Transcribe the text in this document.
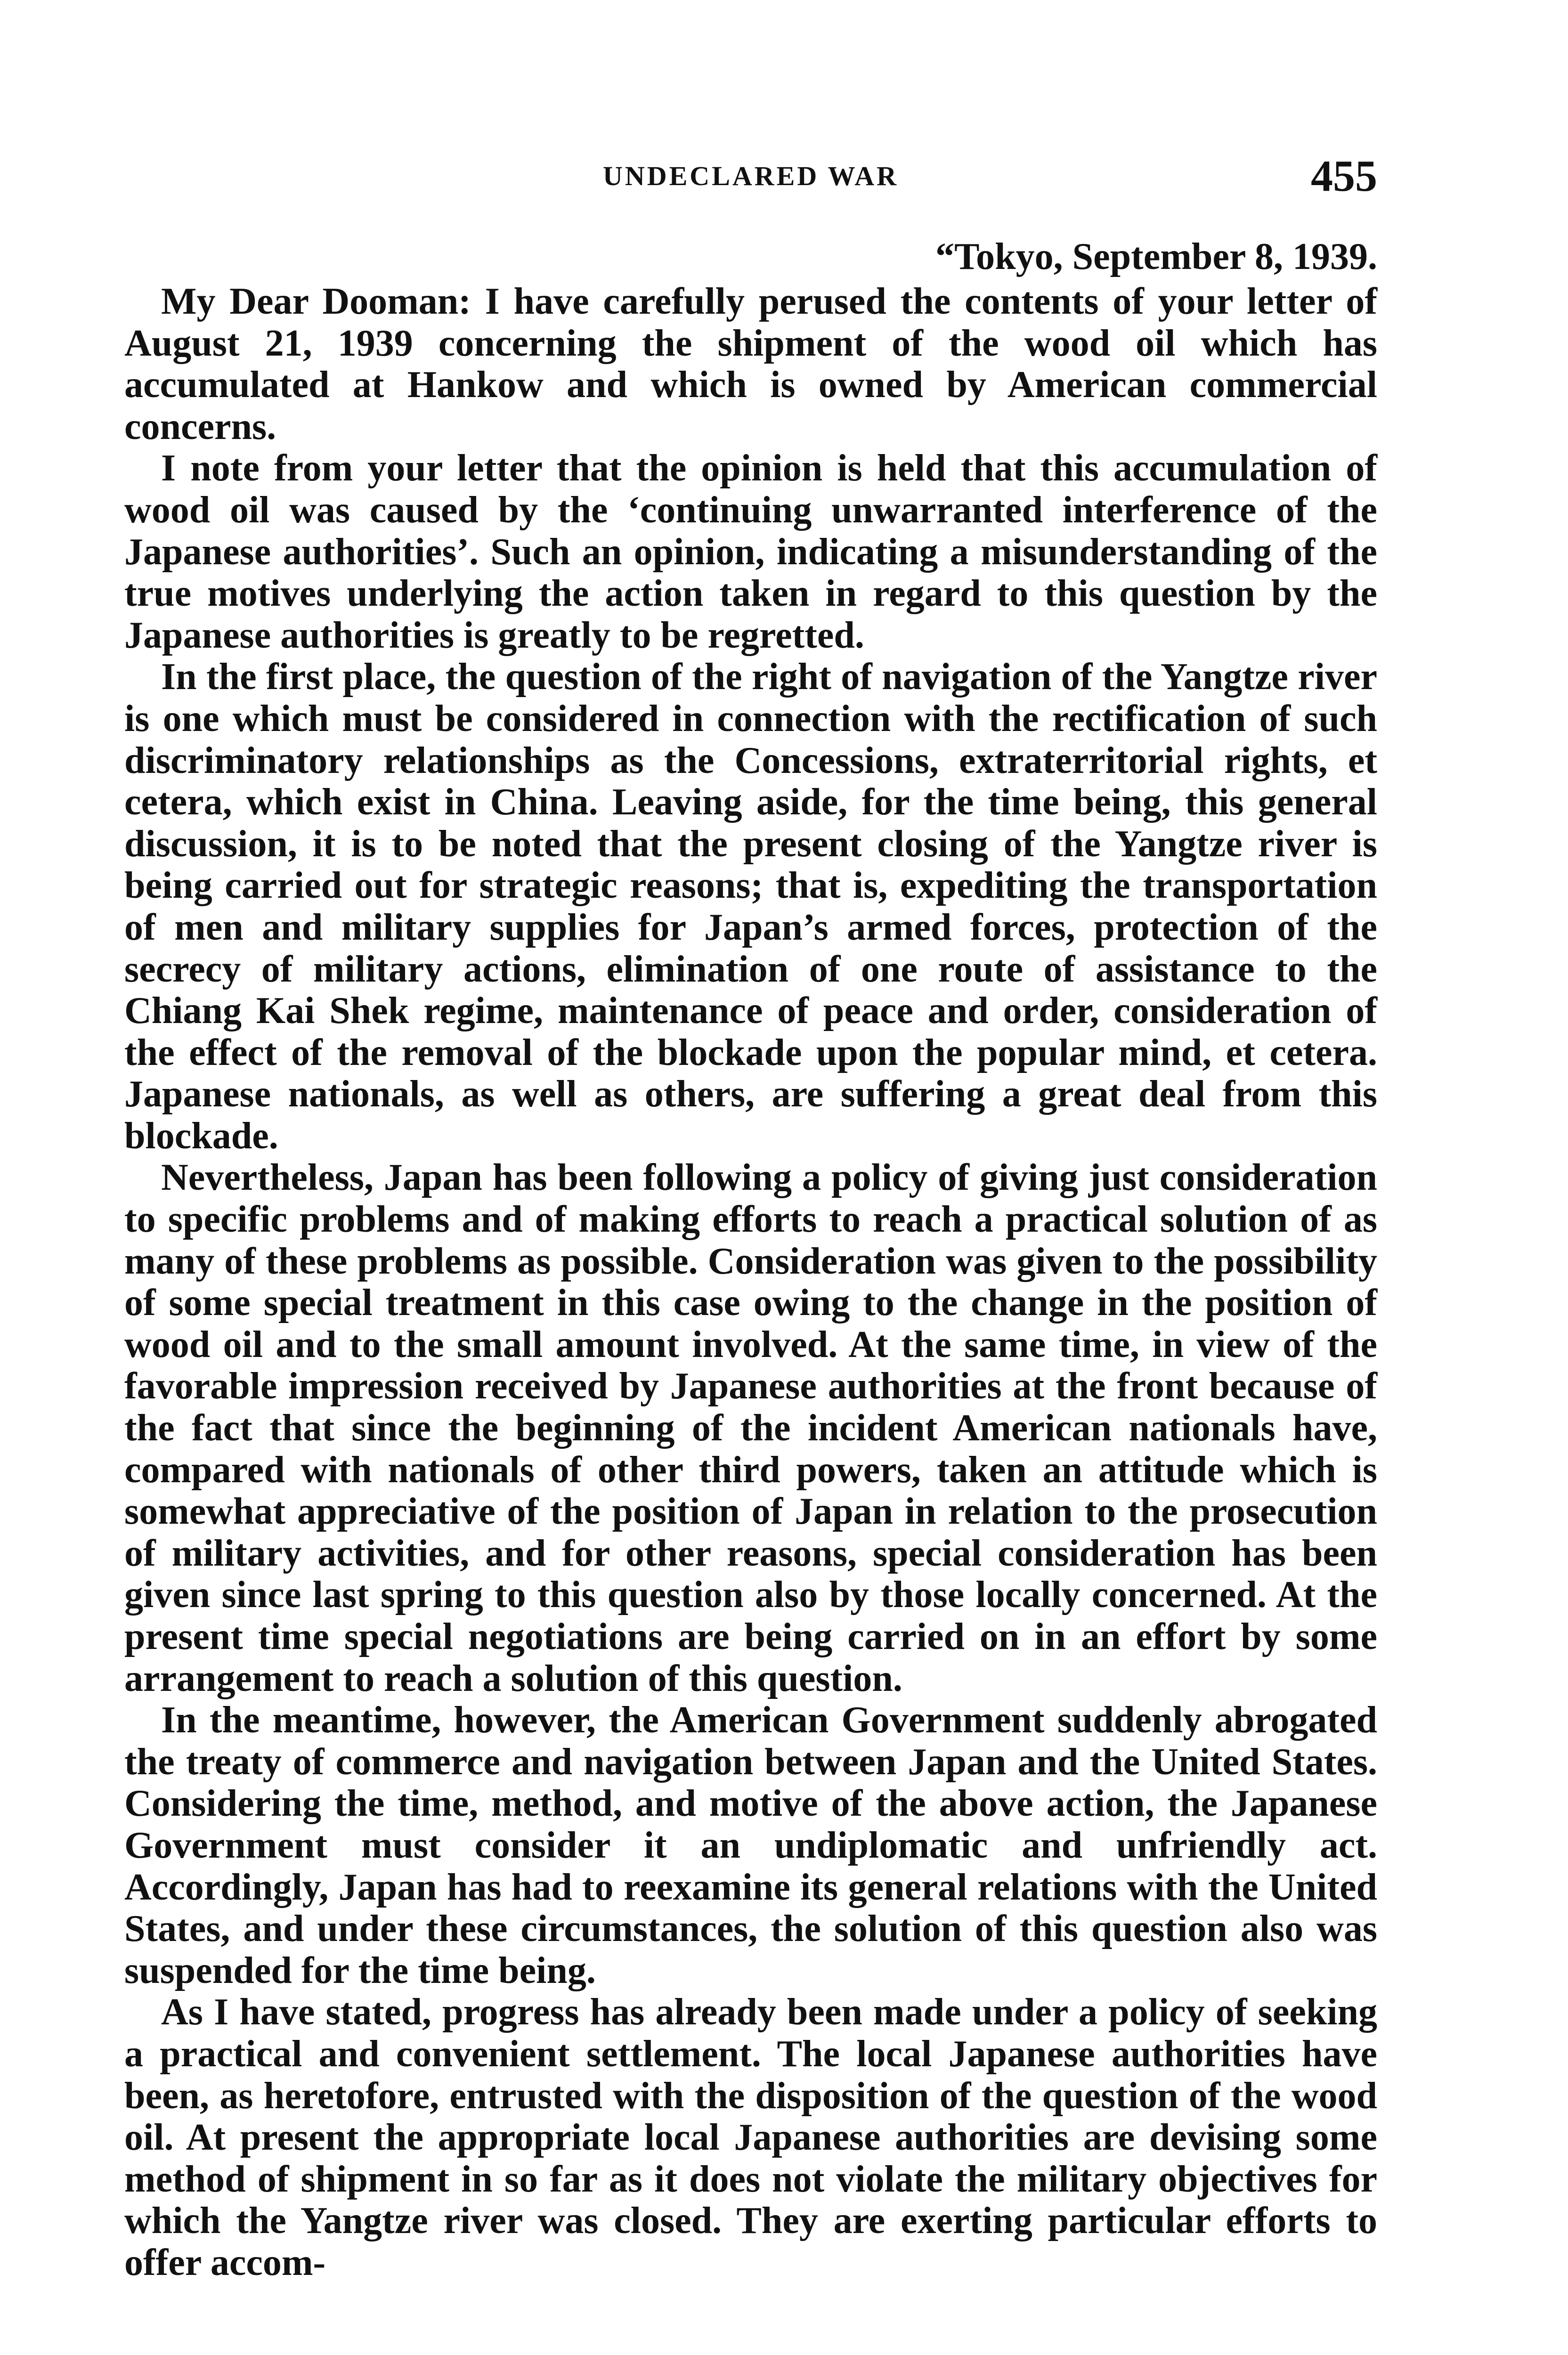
UNDECLARED WAR	455

“Tokyo, September 8, 1939.

My Dear Dooman: I have carefully perused the contents of your letter of August 21, 1939 concerning the shipment of the wood oil which has accumulated at Hankow and which is owned by American commercial concerns.

I note from your letter that the opinion is held that this accumulation of wood oil was caused by the ‘continuing unwarranted interference of the Japanese authorities’. Such an opinion, indicating a misunderstanding of the true motives underlying the action taken in regard to this question by the Japanese authorities is greatly to be regretted.

In the first place, the question of the right of navigation of the Yangtze river is one which must be considered in connection with the rectification of such discriminatory relationships as the Concessions, extraterritorial rights, et cetera, which exist in China. Leaving aside, for the time being, this general discussion, it is to be noted that the present closing of the Yangtze river is being carried out for strategic reasons; that is, expediting the transportation of men and military supplies for Japan’s armed forces, protection of the secrecy of military actions, elimination of one route of assistance to the Chiang Kai Shek regime, maintenance of peace and order, consideration of the effect of the removal of the blockade upon the popular mind, et cetera. Japanese nationals, as well as others, are suffering a great deal from this blockade.

Nevertheless, Japan has been following a policy of giving just consideration to specific problems and of making efforts to reach a practical solution of as many of these problems as possible. Consideration was given to the possibility of some special treatment in this case owing to the change in the position of wood oil and to the small amount involved. At the same time, in view of the favorable impression received by Japanese authorities at the front because of the fact that since the beginning of the incident American nationals have, compared with nationals of other third powers, taken an attitude which is somewhat appreciative of the position of Japan in relation to the prosecution of military activities, and for other reasons, special consideration has been given since last spring to this question also by those locally concerned. At the present time special negotiations are being carried on in an effort by some arrangement to reach a solution of this question.

In the meantime, however, the American Government suddenly abrogated the treaty of commerce and navigation between Japan and the United States. Considering the time, method, and motive of the above action, the Japanese Government must consider it an undiplomatic and unfriendly act. Accordingly, Japan has had to reexamine its general relations with the United States, and under these circumstances, the solution of this question also was suspended for the time being.

As I have stated, progress has already been made under a policy of seeking a practical and convenient settlement. The local Japanese authorities have been, as heretofore, entrusted with the disposition of the question of the wood oil. At present the appropriate local Japanese authorities are devising some method of shipment in so far as it does not violate the military objectives for which the Yangtze river was closed. They are exerting particular efforts to offer accom-
